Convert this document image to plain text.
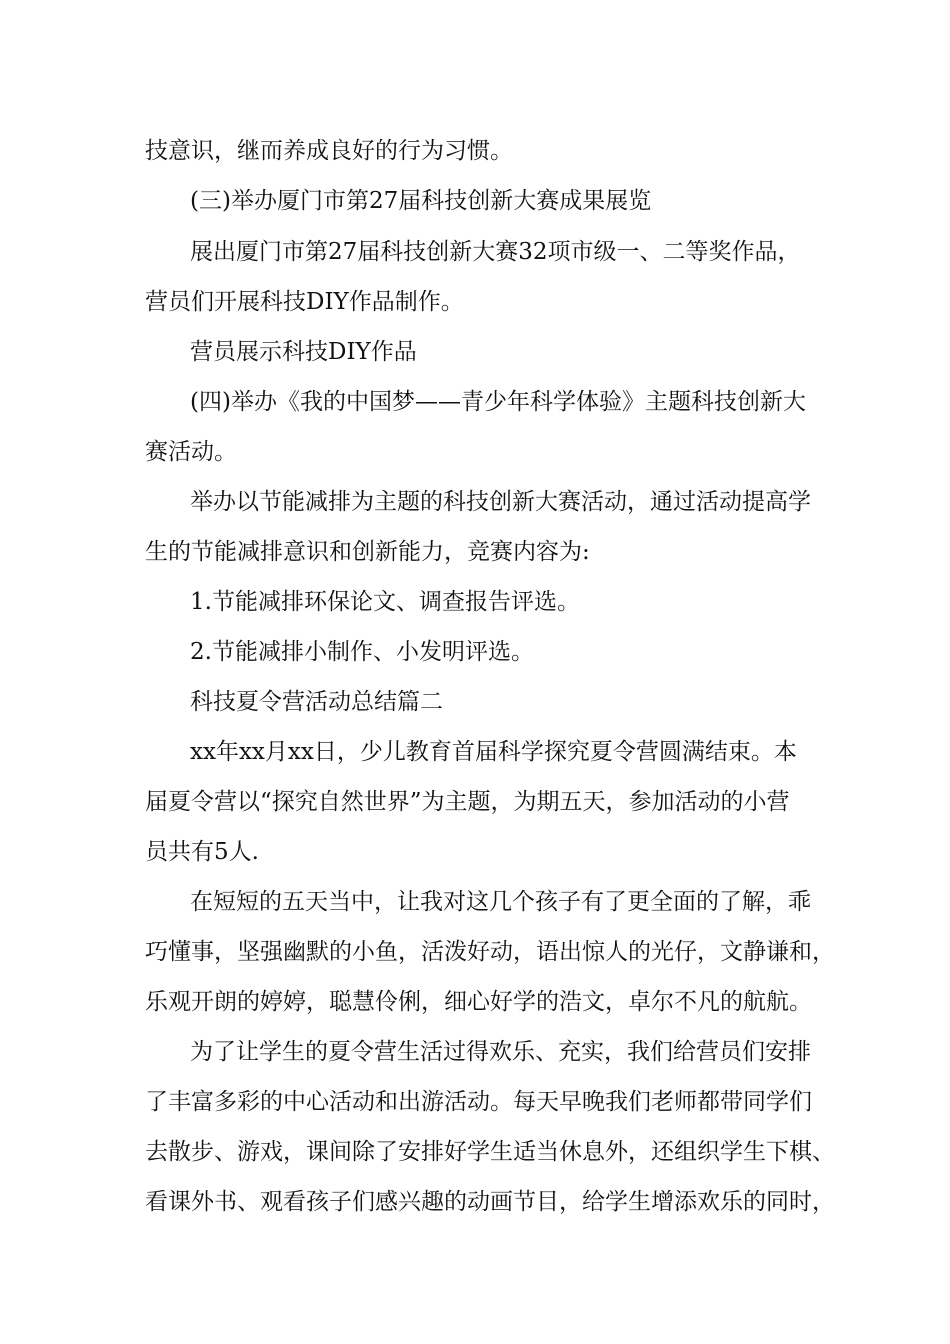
技意识，继而养成良好的行为习惯。
(三)举办厦门市第27届科技创新大赛成果展览
展出厦门市第27届科技创新大赛32项市级一、二等奖作品，
营员们开展科技DIY作品制作。
营员展示科技DIY作品
(四)举办《我的中国梦——青少年科学体验》主题科技创新大
赛活动。
举办以节能减排为主题的科技创新大赛活动，通过活动提高学
生的节能减排意识和创新能力，竞赛内容为:
1.节能减排环保论文、调查报告评选。
2.节能减排小制作、小发明评选。
科技夏令营活动总结篇二
xx年xx月xx日，少儿教育首届科学探究夏令营圆满结束。本
届夏令营以“探究自然世界”为主题，为期五天，参加活动的小营
员共有5人.
在短短的五天当中，让我对这几个孩子有了更全面的了解，乖
巧懂事，坚强幽默的小鱼，活泼好动，语出惊人的光仔，文静谦和，
乐观开朗的婷婷，聪慧伶俐，细心好学的浩文，卓尔不凡的航航。
为了让学生的夏令营生活过得欢乐、充实，我们给营员们安排
了丰富多彩的中心活动和出游活动。每天早晚我们老师都带同学们
去散步、游戏，课间除了安排好学生适当休息外，还组织学生下棋、
看课外书、观看孩子们感兴趣的动画节目，给学生增添欢乐的同时，
